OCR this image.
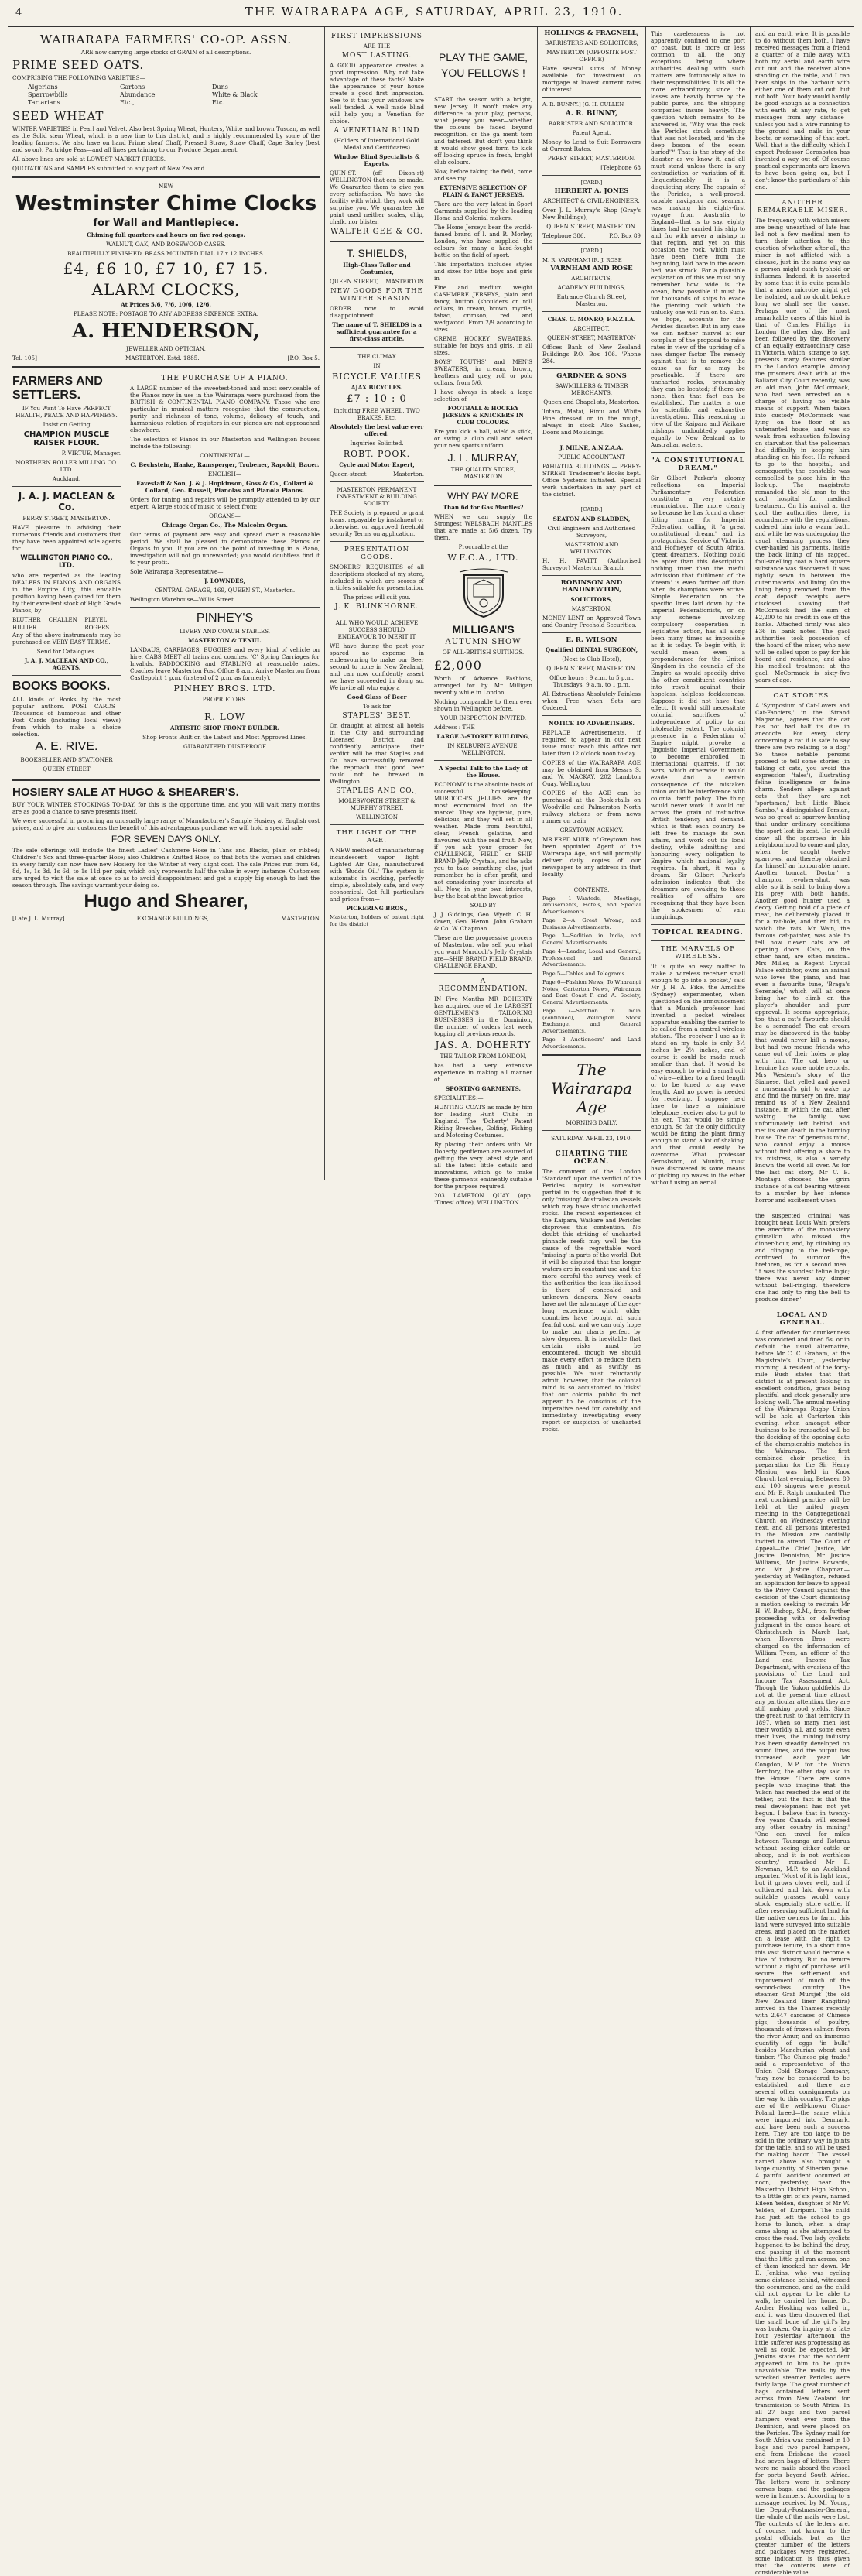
4	THE WAIRARAPA AGE, SATURDAY, APRIL 23, 1910.
WAIRARAPA FARMERS' CO-OP. ASSN.

ARE now carrying large stocks of GRAIN of all descriptions.

PRIME SEED OATS.

COMPRISING THE FOLLOWING VARIETIES—

Algerians	Gartons	Duns
Sparrowbills	Abundance	White & Black
Tartarians	Etc.,	Etc.
SEED WHEAT

WINTER VARIETIES in Pearl and Velvet. Also best Spring Wheat, Hunters, White and brown Tuscan, as well as the Solid stem Wheat, which is a new line to this district, and is highly recommended by some of the leading farmers. We also have on hand Prime sheaf Chaff, Pressed Straw, Straw Chaff, Cape Barley (best and so on), Partridge Peas—and all lines pertaining to our Produce Department.

All above lines are sold at LOWEST MARKET PRICES.

QUOTATIONS and SAMPLES submitted to any part of New Zealand.

NEW

Westminster Chime Clocks
for Wall and Mantlepiece.

Chiming full quarters and hours on five rod gongs.

WALNUT, OAK, AND ROSEWOOD CASES.

BEAUTIFULLY FINISHED, BRASS MOUNTED DIAL 17 x 12 INCHES.

£4, £6 10, £7 10, £7 15.
ALARM CLOCKS,

At Prices 5/6, 7/6, 10/6, 12/6.

PLEASE NOTE: POSTAGE TO ANY ADDRESS SIXPENCE EXTRA.

A. HENDERSON,

JEWELLER AND OPTICIAN,

Tel. 105]	MASTERTON. Estd. 1885.	[P.O. Box 5.
FARMERS AND SETTLERS.

IF You Want To Have PERFECT HEALTH, PEACE AND HAPPINESS.

Insist on Getting

CHAMPION MUSCLE RAISER FLOUR.

P. VIRTUE, Manager.

NORTHERN ROLLER MILLING CO. LTD.

Auckland.

J. A. J. MACLEAN & Co.

PERRY STREET, MASTERTON.

HAVE pleasure in advising their numerous friends and customers that they have been appointed sole agents for

WELLINGTON PIANO CO., LTD.

who are regarded as the leading DEALERS IN PIANOS AND ORGANS in the Empire City, this enviable position having been gained for them by their excellent stock of High Grade Pianos, by

BLUTHER	CHALLEN	PLEYEL
HILLIER	ROGERS

Any of the above instruments may be purchased on VERY EASY TERMS.

Send for Catalogues.

J. A. J. MACLEAN AND CO., AGENTS.

BOOKS BOOKS.

ALL kinds of Books by the most popular authors. POST CARDS—Thousands of humorous and other Post Cards (including local views) from which to make a choice selection.

A. E. RIVE.

BOOKSELLER AND STATIONER

QUEEN STREET

THE PURCHASE OF A PIANO.

A LARGE number of the sweetest-toned and most serviceable of the Pianos now in use in the Wairarapa were purchased from the BRITISH & CONTINENTAL PIANO COMPANY. Those who are particular in musical matters recognise that the construction, purity and richness of tone, volume, delicacy of touch, and harmonious relation of registers in our pianos are not approached elsewhere.

The selection of Pianos in our Masterton and Wellington houses include the following:—

CONTINENTAL—

C. Bechstein, Haake, Ramsperger, Trubener, Rapoldi, Bauer.

ENGLISH—

Eavestaff & Son, J. & J. Hopkinson, Goss & Co., Collard & Collard, Geo. Russell, Pianolas and Pianola Pianos.

Orders for tuning and repairs will be promptly attended to by our expert. A large stock of music to select from:

ORGANS—

Chicago Organ Co., The Malcolm Organ.

Our terms of payment are easy and spread over a reasonable period. We shall be pleased to demonstrate these Pianos or Organs to you. If you are on the point of investing in a Piano, investigation will not go unrewarded; you would doubtless find it to your profit.

Sole Wairarapa Representative—

J. LOWNDES,

CENTRAL GARAGE, 169, QUEEN ST., Masterton.

Wellington Warehouse—Willis Street.

PINHEY'S

LIVERY AND COACH STABLES,

MASTERTON & TENUI.

LANDAUS, CARRIAGES, BUGGIES and every kind of vehicle on hire. CABS MEET all trains and coaches. 'C' Spring Carriages for Invalids. PADDOCKING and STABLING at reasonable rates. Coaches leave Masterton Post Office 8 a.m. Arrive Masterton from Castlepoint 1 p.m. (instead of 2 p.m. as formerly).

PINHEY BROS. LTD.

PROPRIETORS.

R. LOW

ARTISTIC SHOP FRONT BUILDER.

Shop Fronts Built on the Latest and Most Approved Lines.

GUARANTEED DUST-PROOF

HOSIERY SALE AT HUGO & SHEARER'S.

BUY YOUR WINTER STOCKINGS TO-DAY, for this is the opportune time, and you will wait many months are as good a chance to save presents itself.

We were successful in procuring an unusually large range of Manufacturer's Sample Hosiery at English cost prices, and to give our customers the benefit of this advantageous purchase we will hold a special sale

FOR SEVEN DAYS ONLY.

The sale offerings will include the finest Ladies' Cashmere Hose in Tans and Blacks, plain or ribbed; Children's Sox and three-quarter Hose; also Children's Knitted Hose, so that both the women and children in every family can now have new Hosiery for the Winter at very slight cost. The sale Prices run from 6d, 8d, 1s, 1s 3d, 1s 6d, to 1s 11d per pair, which only represents half the value in every instance. Customers are urged to visit the sale at once so as to avoid disappointment and get a supply big enough to last the season through. The savings warrant your doing so.

Hugo and Shearer,
[Late J. L. Murray]	EXCHANGE BUILDINGS,	MASTERTON
FIRST IMPRESSIONS

ARE THE

MOST LASTING.

A GOOD appearance creates a good impression. Why not take advantage of these facts? Make the appearance of your house create a good first impression. See to it that your windows are well tended. A well made blind will help you; a Venetian for choice.

A VENETIAN BLIND

(Holders of International Gold Medal and Certificates)

Window Blind Specialists & Experts.

QUIN-ST. (off Dixon-st) WELLINGTON that can be made. We Guarantee them to give you every satisfaction. We have the facility with which they work will surprise you. We guarantee the paint used neither scales, chip, chalk, nor blister.

WALTER GEE & CO.
T. SHIELDS,

High-Class Tailor and Costumier,

QUEEN STREET, MASTERTON
NEW GOODS FOR THE WINTER SEASON.

ORDER now to avoid disappointment.

The name of T. SHIELDS is a sufficient guarantee for a first-class article.

THE CLIMAX

IN

BICYCLE VALUES

AJAX BICYCLES.

£7 : 10 : 0

Including FREE WHEEL, TWO BRAKES, Etc.

Absolutely the best value ever offered.

Inquiries Solicited.

ROBT. POOK.

Cycle and Motor Expert,

Queen-street	Masterton.

MASTERTON PERMANENT INVESTMENT & BUILDING SOCIETY.

THE Society is prepared to grant loans, repayable by instalment or otherwise, on approved freehold security Terms on application.

PRESENTATION GOODS.

SMOKERS' REQUISITES of all descriptions stocked at my store, included in which are scores of articles suitable for presentation.

The prices will suit you.

J. K. BLINKHORNE.

ALL WHO WOULD ACHIEVE SUCCESS SHOULD ENDEAVOUR TO MERIT IT

WE have during the past year spared no expense in endeavouring to make our Beer second to none in New Zealand, and can now confidently assert we have succeeded in doing so. We invite all who enjoy a

Good Glass of Beer

To ask for

STAPLES' BEST,

On draught at almost all hotels in the City and surrounding Licensed District, and confidently anticipate their verdict will be that Staples and Co. have successfully removed the reproach that good beer could not be brewed in Wellington.

STAPLES AND CO.,

MOLESWORTH STREET & MURPHY STREET,

WELLINGTON

THE LIGHT OF THE AGE.

A NEW method of manufacturing incandescent vapor light—Lighted Air Gas, manufactured with 'Budds Oil.' The system is automatic in working, perfectly simple, absolutely safe, and very economical. Get full particulars and prices from—

PICKERING BROS.,

Masterton, holders of patent right for the district

PLAY THE GAME, YOU FELLOWS !

START the season with a bright, new Jersey. It won't make any difference to your play, perhaps, what jersey you wear—whether the colours be faded beyond recognition, or the ga ment torn and tattered. But don't you think it would show good form to kick off looking spruce in fresh, bright club colours.

Now, before taking the field, come and see my

EXTENSIVE SELECTION OF PLAIN & FANCY JERSEYS.

There are the very latest in Sport Garments supplied by the leading Home and Colonial makers.

The Home Jerseys bear the world-famed brand of I. and R. Morley, London, who have supplied the colours for many a hard-fought battle on the field of sport.

This importation includes styles and sizes for little boys and girls in—

Fine and medium weight CASHMERE JERSEYS, plain and fancy, button (shoulders or roll collars, in cream, brown, myrtle, tabac, crimson, red and wedgwood. From 2/9 according to sizes.

CREME HOCKEY SWEATERS, suitable for boys and girls, in all sizes.

BOYS' TOUTHS' and MEN'S SWEATERS, in cream, brown, heathers and grey, roll or polo collars, from 5/6.

I have always in stock a large selection of

FOOTBALL & HOCKEY JERSEYS & KNICKERS IN CLUB COLOURS.

Ere you kick a ball, wield a stick, or swing a club call and select your new sports uniform.

J. L. MURRAY,

THE QUALITY STORE, MASTERTON

WHY PAY MORE

Than 6d for Gas Mantles?

WHEN we can supply the Strongest WELSBACH MANTLES that are made at 5/6 dozen. Try them.

Procurable at the

W.F.C.A., LTD.
MILLIGAN'S
AUTUMN SHOW

OF ALL-BRITISH SUITINGS.

£2,000

Worth of Advance Fashions, arranged for by Mr Milligan recently while in London.

Nothing comparable to them ever shown in Wellington before.

YOUR INSPECTION INVITED.

Address : THE

LARGE 3-STOREY BUILDING,

IN KELBURNE AVENUE, WELLINGTON.

A Special Talk to the Lady of the House.

ECONOMY is the absolute basis of successful housekeeping. MURDOCH'S JELLIES are the most economical food on the market. They are hygienic, pure, delicious, and they will set in all weather. Made from beautiful, clear, French gelatine, and flavoured with the real fruit. Now, if you ask your grocer for CHALLENGE, FIELD or SHIP BRAND Jelly Crystals, and he asks you to take something else, just remember he is after profit, and not considering your interests at all. Now, in your own interests, buy the best at the lowest price

—SOLD BY—

J. J. Giddings, Geo. Wyeth. C. H. Owen, Geo. Heron. John Graham & Co. W. Chapman.

These are the progressive grocers of Masterton, who sell you what you want Murdoch's Jelly Crystals are—SHIP BRAND FIELD BRAND, CHALLENGE BRAND.

A RECOMMENDATION.

IN Five Months MR DOHERTY has acquired one of the LARGEST GENTLEMEN'S TAILORING BUSINESSES in the Dominion, the number of orders last week topping all previous records.

JAS. A. DOHERTY

THE TAILOR FROM LONDON,

has had a very extensive experience in making all manner of

SPORTING GARMENTS.

SPECIALITIES:—

HUNTING COATS as made by him for leading Hunt Clubs in England. The 'Doherty' Patent Riding Breeches, Golfing, Fishing and Motoring Costumes.

By placing their orders with Mr Doherty, gentlemen are assured of getting the very latest style and all the latest little details and innovations, which go to make these garments eminently suitable for the purpose required.

203 LAMBTON QUAY (opp. 'Times' office), WELLINGTON.

HOLLINGS & FRAGNELL,

BARRISTERS AND SOLICITORS,

MASTERTON (OPPOSITE POST OFFICE)

Have several sums of Money available for investment on mortgage at lowest current rates of interest.

A. R. BUNNY.] [G. H. CULLEN

A. R. BUNNY,

BARRISTER AND SOLICITOR.

Patent Agent.

Money to Lend to Suit Borrowers at Current Rates.

PERRY STREET, MASTERTON.

[Telephone 68

[CARD.]

HERBERT A. JONES

ARCHITECT & CIVIL-ENGINEER.

Over J. L. Murray's Shop (Gray's New Buildings),

QUEEN STREET, MASTERTON.

Telephone 386.	P.O. Box 89

[CARD.]

M. R. VARNHAM] [R. J. ROSE

VARNHAM AND ROSE

ARCHITECTS,

ACADEMY BUILDINGS,

Entrance Church Street, Masterton.

CHAS. G. MONRO, F.N.Z.I.A.

ARCHITECT,

QUEEN-STREET, MASTERTON

Offices—Bank of New Zealand Buildings P.O. Box 106. 'Phone 284.

GARDNER & SONS

SAWMILLERS & TIMBER MERCHANTS,

Queen and Chapel-sts, Masterton.

Totara, Matai, Rimu and White Pine dressed or in the rough, always in stock Also Sashes, Doors and Mouldings.

J. MILNE, A.N.Z.A.A.

PUBLIC ACCOUNTANT

PAHIATUA BUILDINGS — PERRY-STREET. Tradesmen's Books kept. Office Systems initiated. Special work undertaken in any part of the district.

[CARD.]

SEATON AND SLADDEN,

Civil Engineers and Authorised Surveyors,

MASTERTON AND WELLINGTON.

H. H. FAVITT (Authorised Surveyor) Masterton Branch.

ROBINSON AND HANDNEWTON,

SOLICITORS,

MASTERTON.

MONEY LENT on Approved Town and Country Freehold Securities.

E. R. WILSON

Qualified DENTAL SURGEON,

(Next to Club Hotel),

QUEEN STREET, MASTERTON.

Office hours : 9 a.m. to 5 p.m. Thursdays, 9 a.m. to 1 p.m.

All Extractions Absolutely Painless when Free when Sets are Ordered.

NOTICE TO ADVERTISERS.

REPLACE Advertisements, if required to appear in our next issue must reach this office not later than 12 o'clock noon to-day

COPIES of the WAIRARAPA AGE may be obtained from Messrs S. and W. MACKAY, 202 Lambton Quay, Wellington

COPIES of the AGE can be purchased at the Book-stalls on Woodville and Palmerston North railway stations or from news runner on train

GREYTOWN AGENCY.

MR FRED MUIR, of Greytown, has been appointed Agent of the Wairarapa Age, and will promptly deliver daily copies of our newspaper to any address in that locality.

CONTENTS.

Page 1—Wanteds, Meetings, Amusements, Hotels, and Special Advertisements.

Page 2—A Great Wrong, and Business Advertisements.

Page 3—Sedition in India, and General Advertisements.

Page 4—Leader, Local and General, Professional and General Advertisements.

Page 5—Cables and Telegrams.

Page 6—Fashion News, To Wharangi Notes, Carterton News, Wairarapa and East Coast P. and A. Society, General Advertisements.

Page 7—Sedition in India (continued), Wellington Stock Exchange, and General Advertisements.

Page 8—Auctioneers' and Land Advertisements.

The Wairarapa Age

MORNING DAILY.

SATURDAY, APRIL 23, 1910.

CHARTING THE OCEAN.

The comment of the London 'Standard' upon the verdict of the Pericles inquiry is somewhat partial in its suggestion that it is only 'missing' Australasian vessels which may have struck uncharted rocks. The recent experiences of the Kaipara, Waikare and Pericles disproves this contention. No doubt this striking of uncharted pinnacle reefs may well be the cause of the regrettable word 'missing' in parts of the world. But it will be disputed that the longer waters are in constant use and the more careful the survey work of the authorities the less likelihood is there of concealed and unknown dangers. New coasts have not the advantage of the age-long experience which older countries have bought at such fearful cost, and we can only hope to make our charts perfect by slow degrees. It is inevitable that certain risks must be encountered, though we should make every effort to reduce them as much and as swiftly as possible. We must reluctantly admit, however, that the colonial mind is so accustomed to 'risks' that our colonial public do not appear to be conscious of the imperative need for carefully and immediately investigating every report or suspicion of uncharted rocks.

This carelessness is not apparently confined to one port or coast, but is more or less common to all, the only exceptions being where authorities dealing with such matters are fortunately alive to their responsibilities. It is all the more extraordinary, since the losses are heavily borne by the public purse, and the shipping companies insure heavily. The question which remains to be answered is, 'Why was the rock the Pericles struck something that was not located, and 'in the deep bosom of the ocean buried'?' That is the story of the disaster as we know it, and all must stand unless there is any contradiction or variation of it. Unquestionably it is a disquieting story. The captain of the Pericles, a well-proved, capable navigator and seaman, was making his eighty-first voyage from Australia to England—that is to say, eighty times had he carried his ship to and fro with never a mishap in that region, and yet on this occasion the rock, which must have been there from the beginning, laid bare in the ocean bed, was struck. For a plausible explanation of this we must only remember how wide is the ocean, how possible it must be for thousands of ships to evade the piercing rock which the unlucky one will run on to. Such, we hope, accounts for the Pericles disaster. But in any case we can neither marvel at our complain of the proposal to raise rates in view of the uprising of a new danger factor. The remedy against that is to remove the cause as far as may be practicable. If there are uncharted rocks, presumably they can be located; if there are none, then that fact can be established. The matter is one for scientific and exhaustive investigation. This reasoning in view of the Kaipara and Waikare mishaps undoubtedly applies equally to New Zealand as to Australian waters.

"A CONSTITUTIONAL DREAM."

Sir Gilbert Parker's gloomy reflections on Imperial Parliamentary Federation constitute a very notable renunciation. The more clearly so because he has found a close-fitting name for Imperial Federation, calling it 'a great constitutional dream,' and its protagonists, Service of Victoria, and Hofmeyer, of South Africa, 'great dreamers.' Nothing could be apter than this description, nothing truer than the rueful admission that fulfilment of the 'dream' is even further off than when its champions were active. Simple Federation on the specific lines laid down by the Imperial Federationists, or on any scheme involving compulsory cooperation in legislative action, has all along been many times as impossible as it is today. To begin with, it would mean even a preponderance for the United Kingdom in the councils of the Empire as would speedily drive the other constituent countries into revolt against their hopeless, helpless fecklessness. Suppose it did not have that effect. It would still necessitate colonial sacrifices of independence of policy to an intolerable extent. The colonial presence in a Federation of Empire might provoke a Jingoistic Imperial Government to become embroiled in international quarrels, if not wars, which otherwise it would evade. And a certain consequence of the mistaken union would be interference with colonial tariff policy. The thing would never work. It would cut across the grain of instinctive British tendency and demand, which is that each country be left free to manage its own affairs, and work out its local destiny, while admitting and honouring every obligation to Empire which national loyalty requires. In short, it was a dream. Sir Gilbert Parker's admission indicates that the dreamers are awaking to those realities of affairs are recognising that they have been the spokesmen of vain imaginings.

TOPICAL READING.
THE MARVELS OF WIRELESS.

'It is quite an easy matter to make a wireless receiver small enough to go into a pocket,' said Mr J. H. A. Fike, the Arncliffe (Sydney) experimenter, when questioned on the announcement that a Munich professor had invented a pocket wireless apparatus enabling the carrier to be called from a central wireless station. 'The receiver I use as it stand on my table is only 3½ inches by 2½ inches, and of course it could be made much smaller than that. It would be easy enough to wind a small coil of wire—either to a fixed length or to be tuned to any wave length. And no power is needed for receiving. I suppose he'd have to have a miniature telephone receiver also to put to his ear. That would be simple enough. So far the only difficulty would be fixing the plant firmly enough to stand a lot of shaking, and that could easily be overcome. What professor Gerosbston, of Munich, must have discovered is some means of picking up waves in the ether without using an aerial

and an earth wire. It is possible to do without them both. I have received messages from a friend a quarter of a mile away with both my aerial and earth wire cut out and the receiver alone standing on the table, and I can hear ships in the harbour with either one of them cut out, but not both. Your body would hardly be good enough as a connection with earth—at any rate, to get messages from any distance—unless you had a wire running to the ground and nails in your boots, or something of that sort. Well, that is the difficulty which I expect Professor Gerosbston has invented a way out of. Of course practical experiments are known to have been going on, but I don't know the particulars of this one.'

ANOTHER REMARKABLE MISER.

The frequency with which misers are being unearthed of late has led not a few medical men to turn their attention to the question of whether, after all, the miser is not afflicted with a disease, just in the same way as a person might catch typhoid or influenza. Indeed, it is asserted by some that it is quite possible that a miser microbe might yet be isolated, and no doubt before long we shall see the cause. Perhaps one of the most remarkable cases of this kind is that of Charles Phillips in London the other day. He had been followed by the discovery of an equally extraordinary case in Victoria, which, strange to say, presents many features similar to the London example. Among the prisoners dealt with at the Ballarat City Court recently, was an old man, John McCormack, who had been arrested on a charge of having no visible means of support. When taken into custody McCormack was lying on the floor of an untenanted house, and was so weak from exhaustion following on starvation that the policeman had difficulty in keeping him standing on his feet. He refused to go to the hospital, and consequently the constable was compelled to place him in the lock-up. The magistrate remanded the old man to the gaol hospital for medical treatment. On his arrival at the gaol the authorities there, in accordance with the regulations, ordered him into a warm bath, and while he was undergoing the usual cleansing process they over-hauled his garments. Inside the back lining of his ragged, foul-smelling coat a hard square substance was discovered. It was tightly sewn in between the outer material and lining. On the lining being removed from the coat, deposit receipts were disclosed showing that McCormack had the sum of £2,200 to his credit in one of the banks. Attached firmly was also £36 in bank notes. The gaol authorities took possession of the hoard of the miser, who now will be called upon to pay for his board and residence, and also his medical treatment at the gaol. McCormack is sixty-five years of age.

CAT STORIES.

A 'Symposium of Cat-Lovers and Cat-Fanciers,' in the 'Strand Magazine,' agrees that the cat has not had half its due in anecdote. 'For every story concerning a cat it is safe to say there are two relating to a dog.' So these notable persons proceed to tell some stories (in talking of cats, you avoid the expression 'tales'), illustrating feline intelligence or feline charm. Senders allege against cats that they are not 'sportsmen,' but 'Little Black Sambo,' a distinguished Persian, was so great at sparrow-hunting that under ordinary conditions the sport lost its zest. He would draw all the sparrows in his neighbourhood to come and play, when he caught twelve sparrows, and thereby obtained for himself an honourable name. Another tomcat, 'Doctor,' a champion revolver-shot, was able, so it is said, to bring down his prey with both hands. Another good hunter used a decoy. Getting hold of a piece of meat, he deliberately placed it for a rat-hole, and then hid, to watch the rats. Mr Wain, the famous cat-painter, was able to tell how clever cats are at opening doors. Cats, on the other hand, are often musical. Mrs Miller, a Regent Crystal Palace exhibitor, owns an animal who loves the piano, and has even a favourite tune, 'Braga's Serenade,' which will at once bring her to climb on the player's shoulder and purr approval. It seems appropriate, too, that a cat's favourite should be a serenade! The cat cream may be discovered in the tabby that would never kill a mouse, but had two mouse friends who came out of their holes to play with him. The cat hero or heroine has some noble records. Mrs Western's story of the Siamese, that yelled and pawed a nursemaid's girl to wake up and find the nursery on fire, may remind us of a New Zealand instance, in which the cat, after waking the family, was unfortunately left behind, and met its own death in the burning house. The cat of generous mind, who cannot enjoy a mouse without first offering a share to its mistress, is also a variety known the world all over. As for the last cat story, Mr C. B. Montagu chooses the grim instance of a cat bearing witness to a murder by her intense horror and excitement when

the suspected criminal was brought near. Louis Wain prefers the anecdote of the monastery grimalkin who missed the dinner-hour, and, by climbing up and clinging to the bell-rope, contrived to summon the brethren, as for a second meal. 'It was the soundest feline logic; there was never any dinner without bell-ringing, therefore one had only to ring the bell to produce dinner.'

LOCAL AND GENERAL.

A first offender for drunkenness was convicted and fined 5s, or in default the usual alternative, before Mr C. C. Graham, at the Magistrate's Court, yesterday morning. A resident of the forty-mile Bush states that that district is at present looking in excellent condition, grass being plentiful and stock generally are looking well. The annual meeting of the Wairarapa Rugby Union will be held at Carterton this evening, when amongst other business to be transacted will be the deciding of the opening date of the championship matches in the Wairarapa. The first combined choir practice, in preparation for the Sir Henry Mission, was held in Knox Church last evening. Between 80 and 100 singers were present and Mr E. Ralph conducted. The next combined practice will be held at the united prayer meeting in the Congregational Church on Wednesday evening next, and all persons interested in the Mission are cordially invited to attend. The Court of Appeal—the Chief Justice, Mr Justice Denniston, Mr Justice Williams, Mr Justice Edwards, and Mr Justice Chapman—yesterday at Wellington, refused an application for leave to appeal to the Privy Council against the decision of the Court dismissing a motion seeking to restrain Mr H. W. Bishop, S.M., from further proceeding with or delivering judgment in the cases heard at Christchurch in March last, when Hoveron Bros. were charged on the information of William Tyers, an officer of the Land and Income Tax Department, with evasions of the provisions of the Land and Income Tax Assessment Act. Though the Yukon goldfields do not at the present time attract any particular attention, they are still making good yields. Since the great rush to that territory in 1897, when so many men lost their worldly all, and some even their lives, the mining industry has been steadily developed on sound lines, and the output has increased each year. Mr Congdon, M.P. for the Yukon Territory, the other day said in the House: 'There are some people who imagine that the Yukon has reached the end of its tether, but the fact is that the real development has not yet begun. I believe that in twenty-five years Canada will exceed any other country in mining.' 'One can travel for miles between Tauranga and Rotorua without seeing either cattle or sheep, and it is not worthless country,' remarked Mr E. Newman, M.P. to an Auckland reporter. 'Most of it is light land, but it grows clover well, and if cultivated and laid down with suitable grasses would carry stock, especially store cattle. If after reserving sufficient land for the native owners to farm, this land were surveyed into suitable areas, and placed on the market on a lease with the right to purchase tenure, in a short time this vast district would become a hive of industry. But no tenure without a right of purchase will secure the settlement and improvement of much of the second-class country.' The steamer Graf Mursjef (the old New Zealand liner Rangitira) arrived in the Thames recently with 2,647 carcases of Chinese pigs, thousands of poultry, thousands of frozen salmon from the river Amur, and an immense quantity of eggs 'in bulk,' besides Manchurian wheat and timber. 'The Chinese pig trade,' said a representative of the Union Cold Storage Company, 'may now be considered to be established, and there are several other consignments on the way to this country. The pigs are of the well-known China-Poland breed—the same which were imported into Denmark, and have been such a success here. They are too large to be sold in the ordinary way in joints for the table, and so will be used for making bacon.' The vessel named above also brought a large quantity of Siberian game. A painful accident occurred at noon, yesterday, near the Masterton District High School, to a little girl of six years, named Eileen Yelden, daughter of Mr W. Yelden, of Kuripuni. The child had just left the school to go home to lunch, when a dray came along as she attempted to cross the road. Two lady cyclists happened to be behind the dray, and passing it at the moment that the little girl ran across, one of them knocked her down. Mr E. Jenkins, who was cycling some distance behind, witnessed the occurrence, and as the child did not appear to be able to walk, he carried her home. Dr. Archer Hosking was called in, and it was then discovered that the small bone of the girl's leg was broken. On inquiry at a late hour yesterday afternoon the little sufferer was progressing as well as could be expected. Mr Jenkins states that the accident appeared to him to be quite unavoidable. The mails by the wrecked steamer Pericles were fairly large. The great number of bags contained letters sent across from New Zealand for transmission to South Africa. In all 27 bags and two parcel hampers went over from the Dominion, and were placed on the Pericles. The Sydney mail for South Africa was contained in 10 bags and two parcel hampers, and from Brisbane the vessel had seven bags of letters. There were no mails aboard the vessel for ports beyond South Africa. The letters were in ordinary canvas bags, and the packages were in hampers. According to a message received by Mr Young, the Deputy-Postmaster-General, the whole of the mails were lost. The contents of the letters are, of course, not known to the postal officials, but as the greater number of the letters and packages were registered, some indication is thus given that the contents were of considerable value.
